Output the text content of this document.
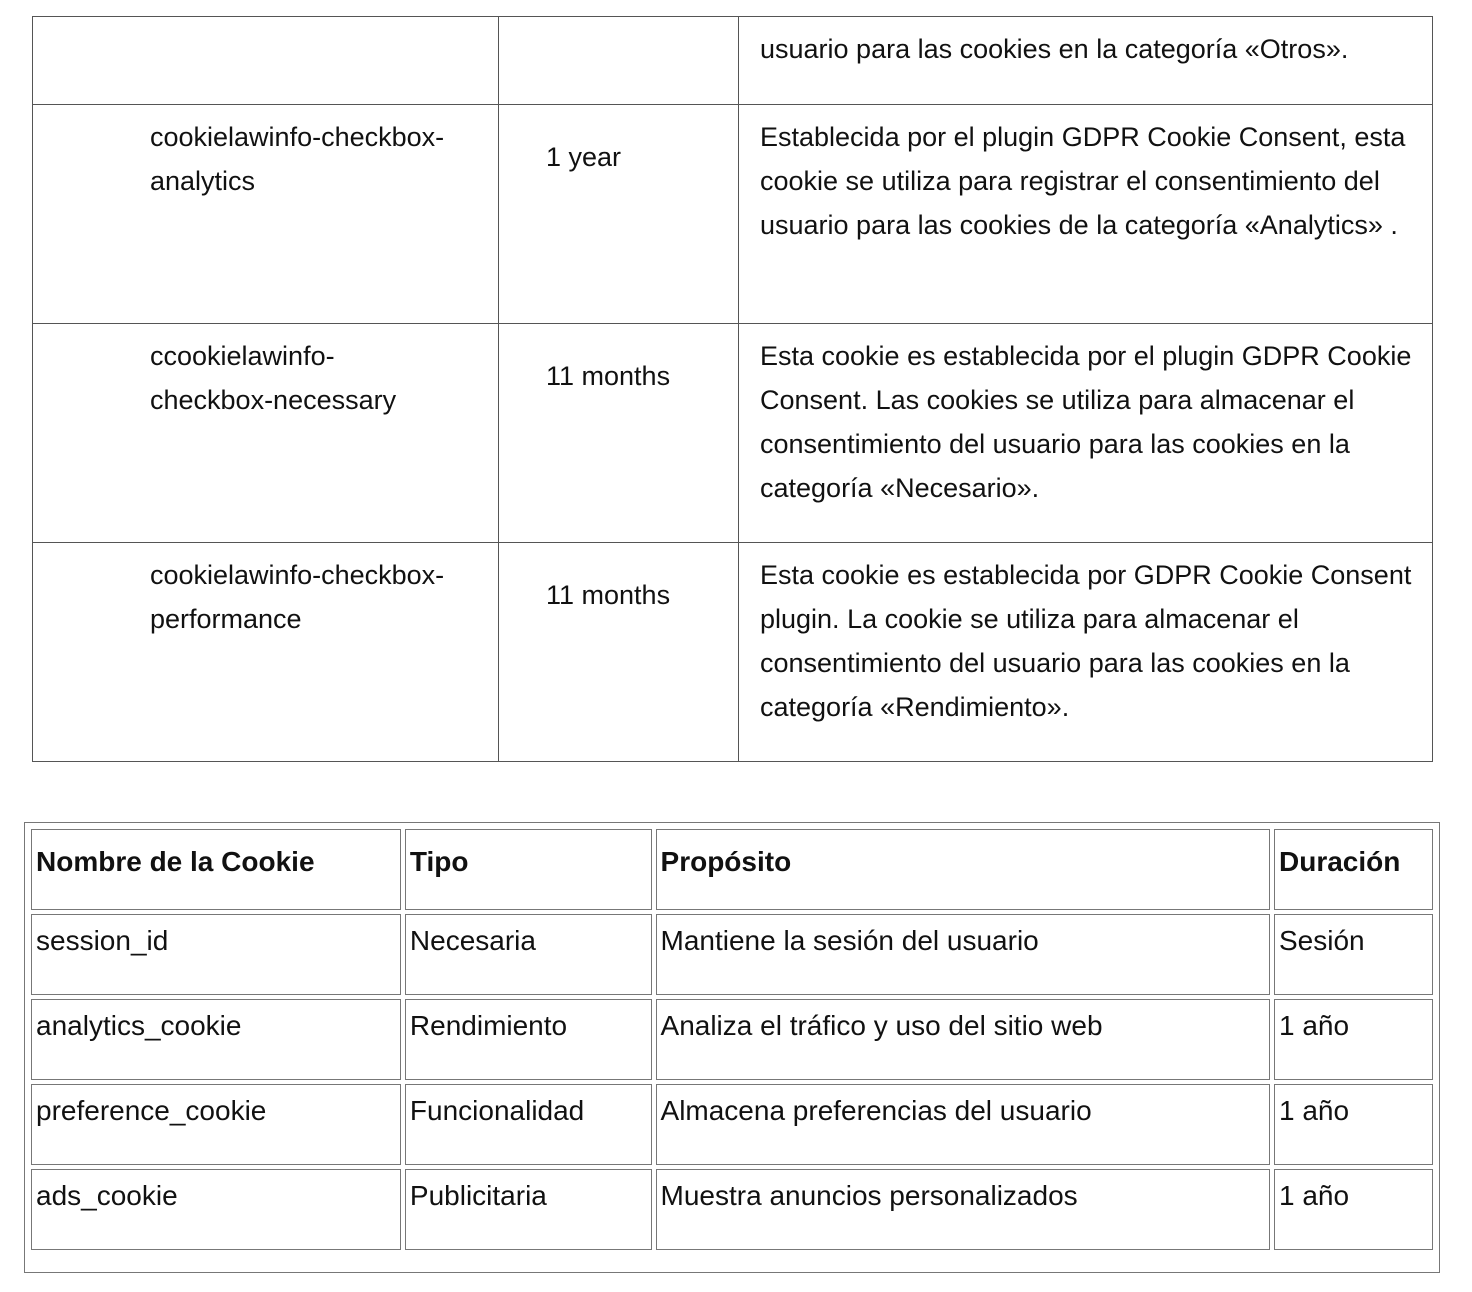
		usuario para las cookies en la categoría «Otros».

cookielawinfo-checkbox-
analytics	1 year	Establecida por el plugin GDPR Cookie Consent, esta cookie se utiliza para registrar el consentimiento del usuario para las cookies de la categoría «Analytics» .

ccookielawinfo-
checkbox-necessary	11 months	Esta cookie es establecida por el plugin GDPR Cookie Consent. Las cookies se utiliza para almacenar el consentimiento del usuario para las cookies en la categoría «Necesario».

cookielawinfo-checkbox-
performance	11 months	Esta cookie es establecida por GDPR Cookie Consent plugin. La cookie se utiliza para almacenar el consentimiento del usuario para las cookies en la categoría «Rendimiento».
Nombre de la Cookie	Tipo	Propósito	Duración
session_id	Necesaria	Mantiene la sesión del usuario	Sesión
analytics_cookie	Rendimiento	Analiza el tráfico y uso del sitio web	1 año
preference_cookie	Funcionalidad	Almacena preferencias del usuario	1 año
ads_cookie	Publicitaria	Muestra anuncios personalizados	1 año
